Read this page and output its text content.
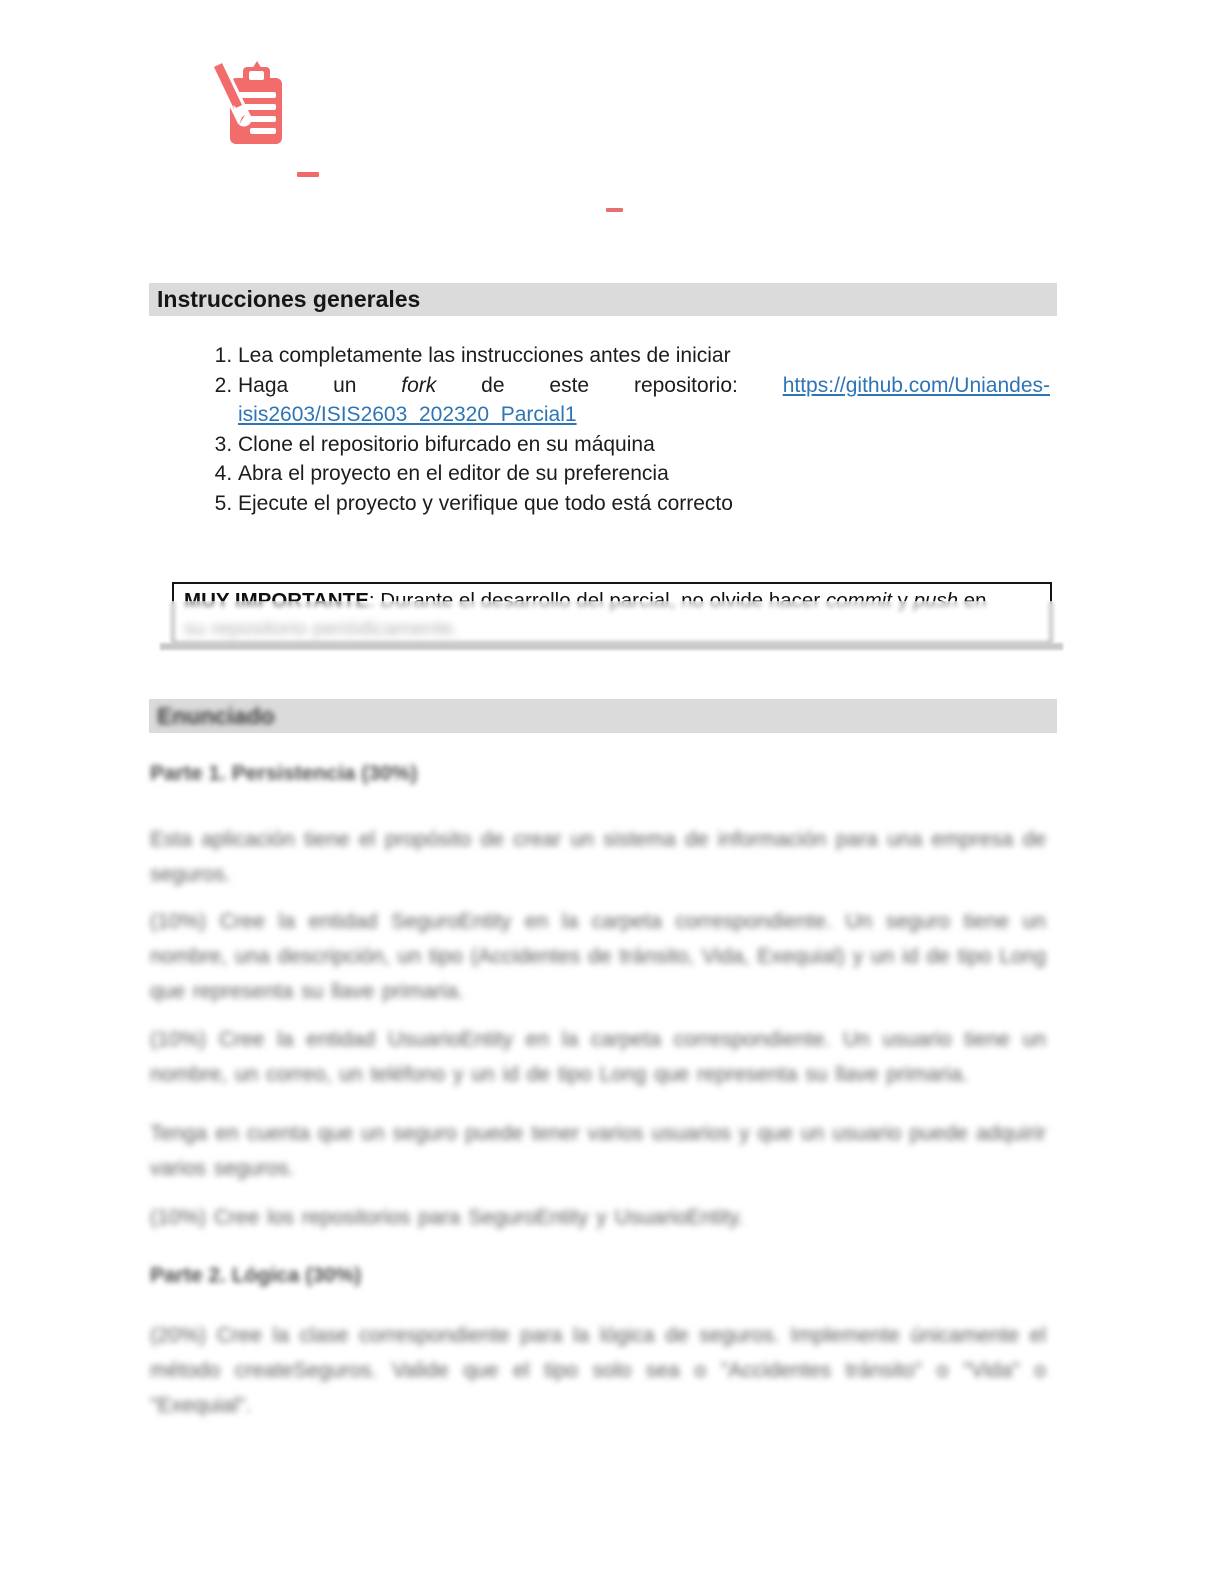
Instrucciones generales
1. Lea completamente las instrucciones antes de iniciar
2. Haga un fork de este repositorio: https://github.com/Uniandes-isis2603/ISIS2603_202320_Parcial1
3. Clone el repositorio bifurcado en su máquina
4. Abra el proyecto en el editor de su preferencia
5. Ejecute el proyecto y verifique que todo está correcto
Enunciado
Parte 1. Persistencia (30%)
Esta aplicación tiene el propósito de crear un sistema de información para una empresa de seguros.
(10%) Cree la entidad SeguroEntity en la carpeta correspondiente. Un seguro tiene un nombre, una descripción, un tipo (Accidentes de tránsito, Vida, Exequial) y un id de tipo Long que representa su llave primaria.
(10%) Cree la entidad UsuarioEntity en la carpeta correspondiente. Un usuario tiene un nombre, un correo, un teléfono y un id de tipo Long que representa su llave primaria.
Tenga en cuenta que un seguro puede tener varios usuarios y que un usuario puede adquirir varios seguros.
(10%) Cree los repositorios para SeguroEntity y UsuarioEntity.
Parte 2. Lógica (30%)
(20%) Cree la clase correspondiente para la lógica de seguros. Implemente únicamente el método createSeguros. Valide que el tipo solo sea o "Accidentes tránsito" o "Vida" o "Exequial".
